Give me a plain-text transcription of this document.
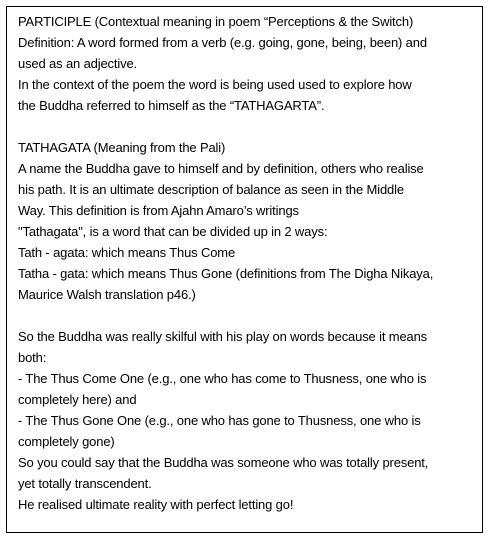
PARTICIPLE (Contextual meaning in poem “Perceptions & the Switch)
Definition: A word formed from a verb (e.g. going, gone, being, been) and
used as an adjective.
In the context of the poem the word is being used used to explore how
the Buddha referred to himself as the “TATHAGARTA”.
TATHAGATA (Meaning from the Pali)
A name the Buddha gave to himself and by definition, others who realise
his path. It is an ultimate description of balance as seen in the Middle
Way. This definition is from Ajahn Amaro’s writings
"Tathagata", is a word that can be divided up in 2 ways:
Tath - agata: which means Thus Come
Tatha - gata: which means Thus Gone (definitions from The Digha Nikaya,
Maurice Walsh translation p46.)
So the Buddha was really skilful with his play on words because it means
both:
- The Thus Come One (e.g., one who has come to Thusness, one who is
completely here) and
- The Thus Gone One (e.g., one who has gone to Thusness, one who is
completely gone)
So you could say that the Buddha was someone who was totally present,
yet totally transcendent.
He realised ultimate reality with perfect letting go!
